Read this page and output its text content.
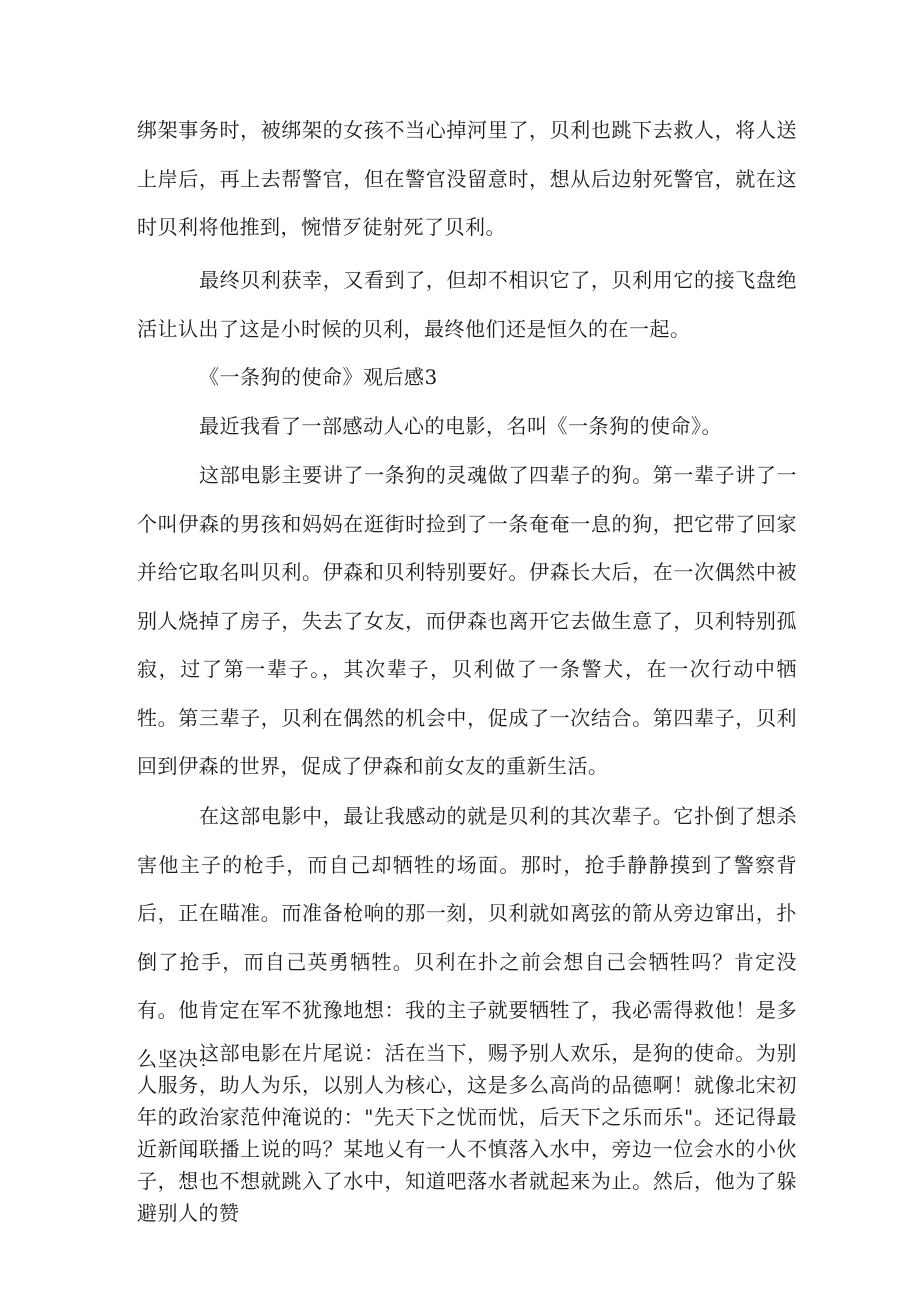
绑架事务时，被绑架的女孩不当心掉河里了，贝利也跳下去救人，将人送上岸后，再上去帮警官，但在警官没留意时，想从后边射死警官，就在这时贝利将他推到，惋惜歹徒射死了贝利。

最终贝利获幸，又看到了，但却不相识它了，贝利用它的接飞盘绝活让认出了这是小时候的贝利，最终他们还是恒久的在一起。

《一条狗的使命》观后感3

最近我看了一部感动人心的电影，名叫《一条狗的使命》。

这部电影主要讲了一条狗的灵魂做了四辈子的狗。第一辈子讲了一个叫伊森的男孩和妈妈在逛街时捡到了一条奄奄一息的狗，把它带了回家并给它取名叫贝利。伊森和贝利特别要好。伊森长大后，在一次偶然中被别人烧掉了房子，失去了女友，而伊森也离开它去做生意了，贝利特别孤寂，过了第一辈子。，其次辈子，贝利做了一条警犬，在一次行动中牺牲。第三辈子，贝利在偶然的机会中，促成了一次结合。第四辈子，贝利回到伊森的世界，促成了伊森和前女友的重新生活。

在这部电影中，最让我感动的就是贝利的其次辈子。它扑倒了想杀害他主子的枪手，而自己却牺牲的场面。那时，抢手静静摸到了警察背后，正在瞄准。而准备枪响的那一刻，贝利就如离弦的箭从旁边窜出，扑倒了抢手，而自己英勇牺牲。贝利在扑之前会想自己会牺牲吗？肯定没有。他肯定在军不犹豫地想：我的主子就要牺牲了，我必需得救他！是多么坚决！

这部电影在片尾说：活在当下，赐予别人欢乐，是狗的使命。为别人服务，助人为乐，以别人为核心，这是多么高尚的品德啊！就像北宋初年的政治家范仲淹说的："先天下之忧而忧，后天下之乐而乐"。还记得最近新闻联播上说的吗？某地乂有一人不慎落入水中，旁边一位会水的小伙子，想也不想就跳入了水中，知道吧落水者就起来为止。然后，他为了躲避别人的赞
